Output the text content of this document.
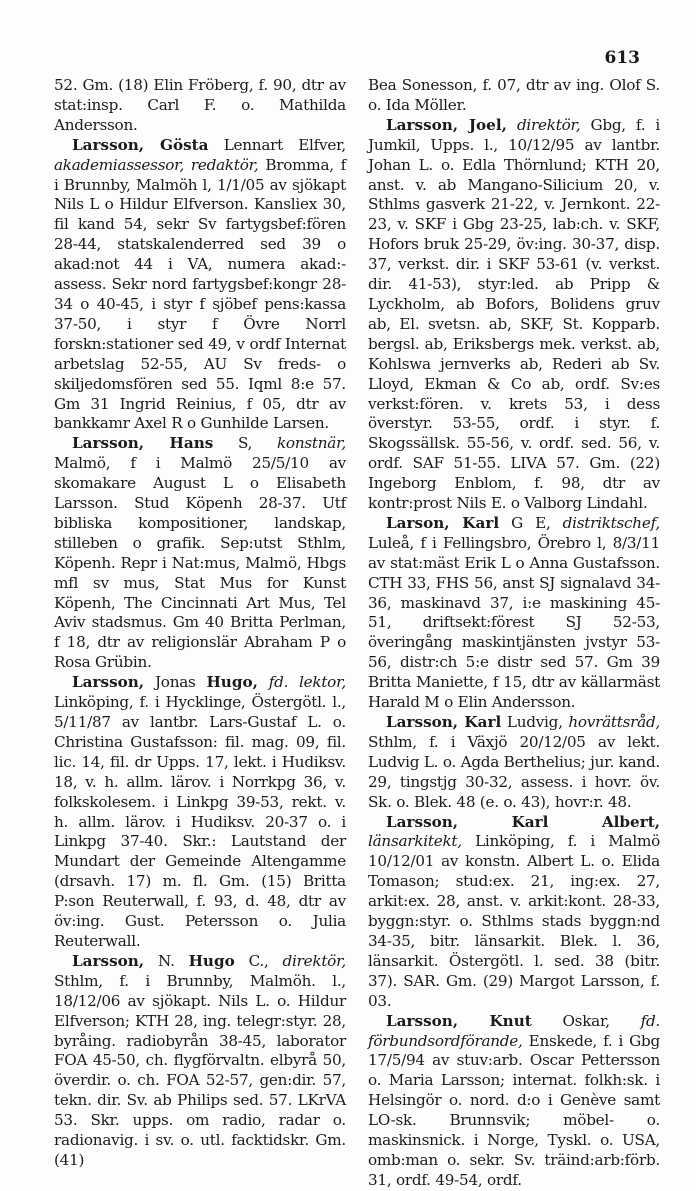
613

52. Gm. (18) Elin Fröberg, f. 90, dtr av stat:insp. Carl F. o. Mathilda Andersson.

Larsson, Gösta Lennart Elfver, akademiassessor, redaktör, Bromma, f i Brunnby, Malmöh l, 1/1/05 av sjökapt Nils L o Hildur Elfverson. Kansliex 30, fil kand 54, sekr Sv fartygsbef:fören 28-44, statskalenderred sed 39 o akad:not 44 i VA, numera akad:-assess. Sekr nord fartygsbef:kongr 28-34 o 40-45, i styr f sjöbef pens:kassa 37-50, i styr f Övre Norrl forskn:stationer sed 49, v ordf Internat arbetslag 52-55, AU Sv freds- o skiljedomsfören sed 55. Iqml 8:e 57. Gm 31 Ingrid Reinius, f 05, dtr av bankkamr Axel R o Gunhilde Larsen.

Larsson, Hans S, konstnär, Malmö, f i Malmö 25/5/10 av skomakare August L o Elisabeth Larsson. Stud Köpenh 28-37. Utf bibliska kompositioner, landskap, stilleben o grafik. Sep:utst Sthlm, Köpenh. Repr i Nat:mus, Malmö, Hbgs mfl sv mus, Stat Mus for Kunst Köpenh, The Cincinnati Art Mus, Tel Aviv stadsmus. Gm 40 Britta Perlman, f 18, dtr av religionslär Abraham P o Rosa Grübin.

Larsson, Jonas Hugo, fd. lektor, Linköping, f. i Hycklinge, Östergötl. l., 5/11/87 av lantbr. Lars-Gustaf L. o. Christina Gustafsson: fil. mag. 09, fil. lic. 14, fil. dr Upps. 17, lekt. i Hudiksv. 18, v. h. allm. lärov. i Norrkpg 36, v. folkskolesem. i Linkpg 39-53, rekt. v. h. allm. lärov. i Hudiksv. 20-37 o. i Linkpg 37-40. Skr.: Lautstand der Mundart der Gemeinde Altengamme (drsavh. 17) m. fl. Gm. (15) Britta P:son Reuterwall, f. 93, d. 48, dtr av öv:ing. Gust. Petersson o. Julia Reuterwall.

Larsson, N. Hugo C., direktör, Sthlm, f. i Brunnby, Malmöh. l., 18/12/06 av sjökapt. Nils L. o. Hildur Elfverson; KTH 28, ing. telegr:styr. 28, byråing. radiobyrån 38-45, laborator FOA 45-50, ch. flygförvaltn. elbyrå 50, överdir. o. ch. FOA 52-57, gen:dir. 57, tekn. dir. Sv. ab Philips sed. 57. LKrVA 53. Skr. upps. om radio, radar o. radionavig. i sv. o. utl. facktidskr. Gm. (41)

Bea Sonesson, f. 07, dtr av ing. Olof S. o. Ida Möller.

Larsson, Joel, direktör, Gbg, f. i Jumkil, Upps. l., 10/12/95 av lantbr. Johan L. o. Edla Thörnlund; KTH 20, anst. v. ab Mangano-Silicium 20, v. Sthlms gasverk 21-22, v. Jernkont. 22-23, v. SKF i Gbg 23-25, lab:ch. v. SKF, Hofors bruk 25-29, öv:ing. 30-37, disp. 37, verkst. dir. i SKF 53-61 (v. verkst. dir. 41-53), styr:led. ab Pripp & Lyckholm, ab Bofors, Bolidens gruv ab, El. svetsn. ab, SKF, St. Kopparb. bergsl. ab, Eriksbergs mek. verkst. ab, Kohlswa jernverks ab, Rederi ab Sv. Lloyd, Ekman & Co ab, ordf. Sv:es verkst:fören. v. krets 53, i dess överstyr. 53-55, ordf. i styr. f. Skogssällsk. 55-56, v. ordf. sed. 56, v. ordf. SAF 51-55. LIVA 57. Gm. (22) Ingeborg Enblom, f. 98, dtr av kontr:prost Nils E. o Valborg Lindahl.

Larson, Karl G E, distriktschef, Luleå, f i Fellingsbro, Örebro l, 8/3/11 av stat:mäst Erik L o Anna Gustafsson. CTH 33, FHS 56, anst SJ signalavd 34-36, maskinavd 37, i:e maskining 45-51, driftsekt:förest SJ 52-53, överingång maskintjänsten jvstyr 53-56, distr:ch 5:e distr sed 57. Gm 39 Britta Maniette, f 15, dtr av källarmäst Harald M o Elin Andersson.

Larsson, Karl Ludvig, hovrättsråd, Sthlm, f. i Växjö 20/12/05 av lekt. Ludvig L. o. Agda Berthelius; jur. kand. 29, tingstjg 30-32, assess. i hovr. öv. Sk. o. Blek. 48 (e. o. 43), hovr:r. 48.

Larsson, Karl Albert, länsarkitekt, Linköping, f. i Malmö 10/12/01 av konstn. Albert L. o. Elida Tomason; stud:ex. 21, ing:ex. 27, arkit:ex. 28, anst. v. arkit:kont. 28-33, byggn:styr. o. Sthlms stads byggn:nd 34-35, bitr. länsarkit. Blek. l. 36, länsarkit. Östergötl. l. sed. 38 (bitr. 37). SAR. Gm. (29) Margot Larsson, f. 03.

Larsson, Knut Oskar, fd. förbundsordförande, Enskede, f. i Gbg 17/5/94 av stuv:arb. Oscar Pettersson o. Maria Larsson; internat. folkh:sk. i Helsingör o. nord. d:o i Genève samt LO-sk. Brunnsvik; möbel- o. maskinsnick. i Norge, Tyskl. o. USA, omb:man o. sekr. Sv. träind:arb:förb. 31, ordf. 49-54, ordf.
